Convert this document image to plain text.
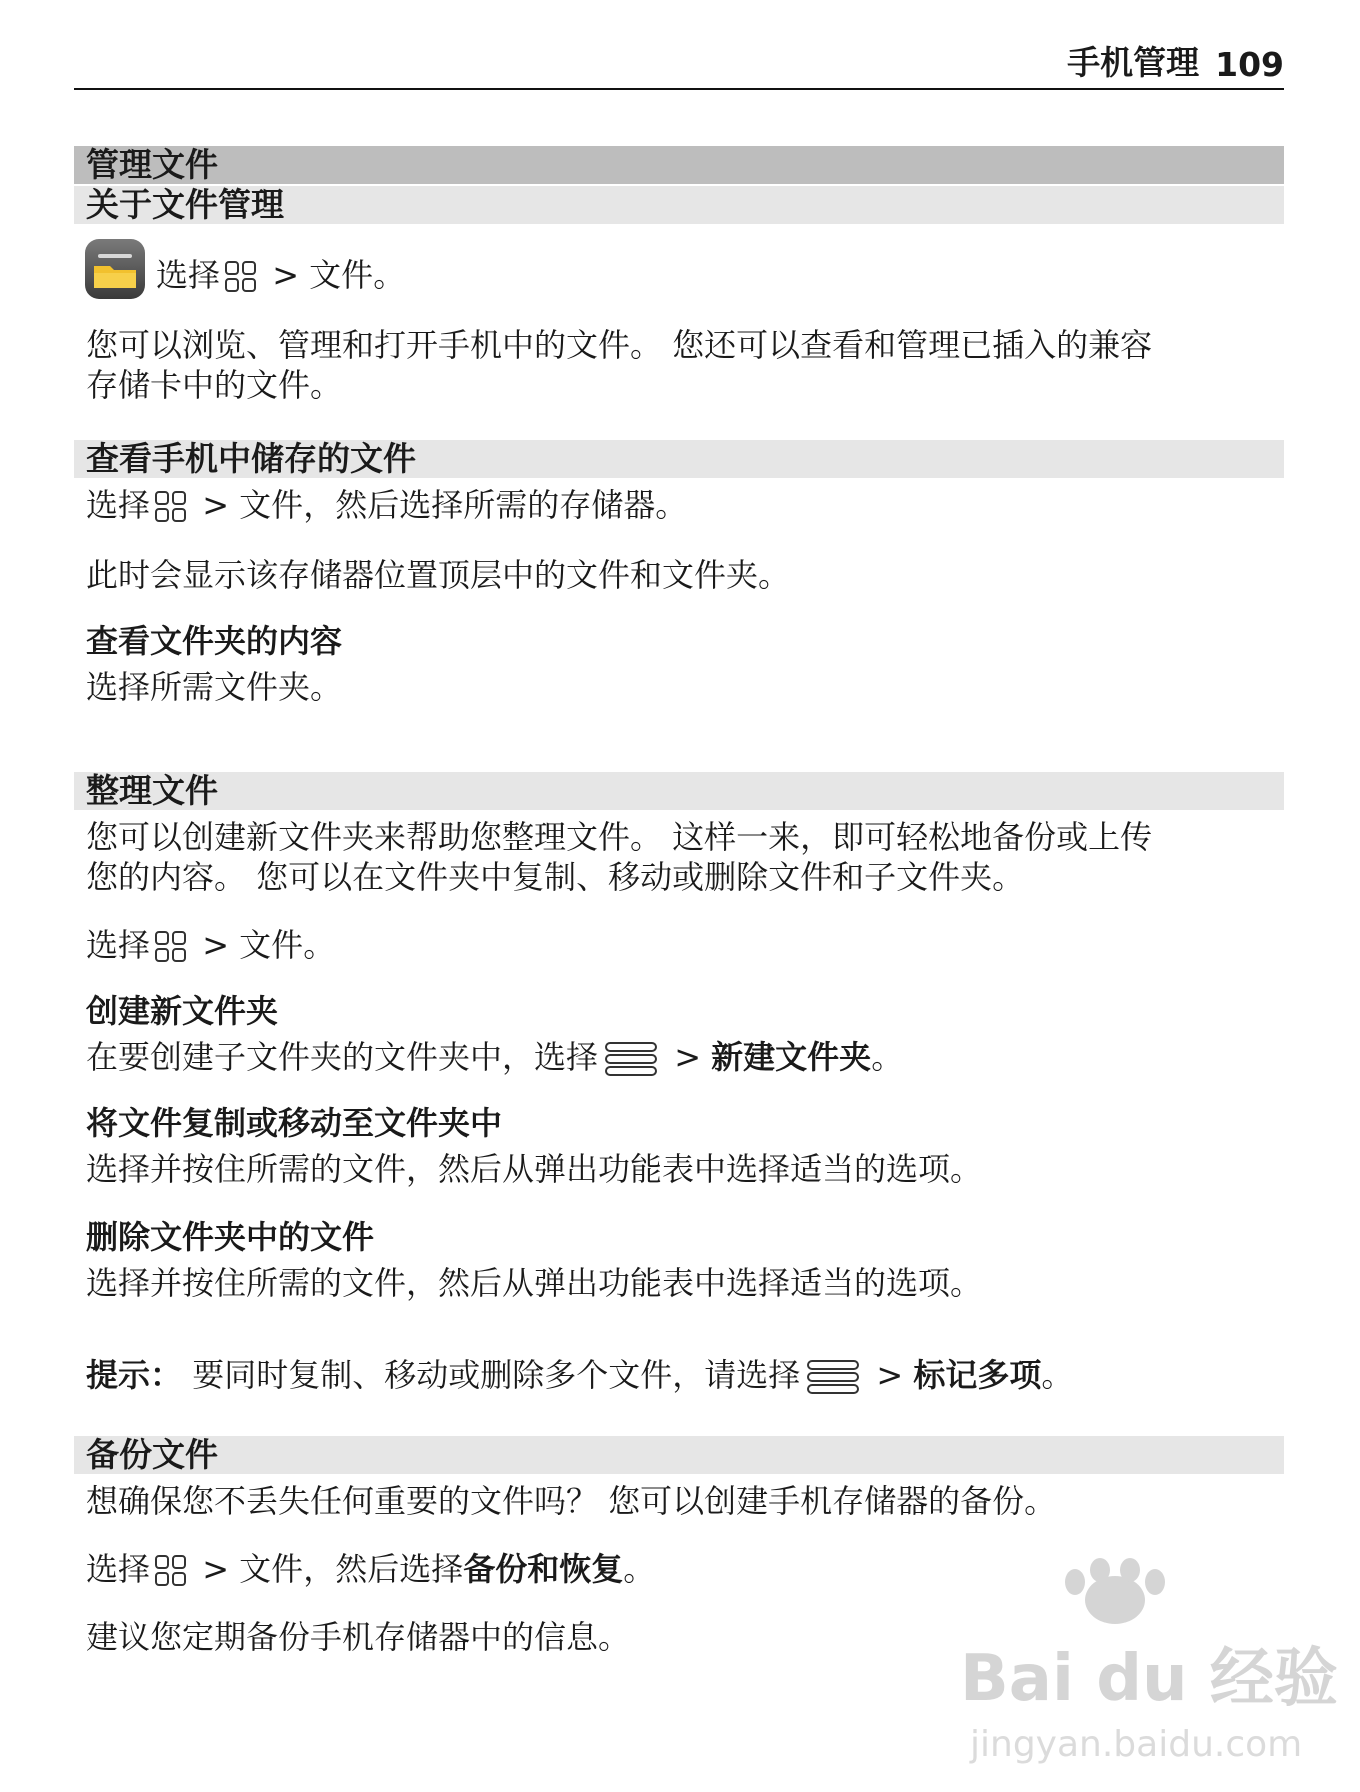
手机管理 109
管理文件
关于文件管理
选择 > 文件。
您可以浏览、管理和打开手机中的文件。 您还可以查看和管理已插入的兼容
存储卡中的文件。
查看手机中储存的文件
选择 > 文件，然后选择所需的存储器。
此时会显示该存储器位置顶层中的文件和文件夹。
查看文件夹的内容
选择所需文件夹。
整理文件
您可以创建新文件夹来帮助您整理文件。 这样一来，即可轻松地备份或上传
您的内容。 您可以在文件夹中复制、移动或删除文件和子文件夹。
选择 > 文件。
创建新文件夹
在要创建子文件夹的文件夹中，选择 > 新建文件夹。
将文件复制或移动至文件夹中
选择并按住所需的文件，然后从弹出功能表中选择适当的选项。
删除文件夹中的文件
选择并按住所需的文件，然后从弹出功能表中选择适当的选项。
提示： 要同时复制、移动或删除多个文件，请选择 > 标记多项。
备份文件
想确保您不丢失任何重要的文件吗？ 您可以创建手机存储器的备份。
选择 > 文件，然后选择备份和恢复。
建议您定期备份手机存储器中的信息。
Bai du 经验
jingyan.baidu.com
